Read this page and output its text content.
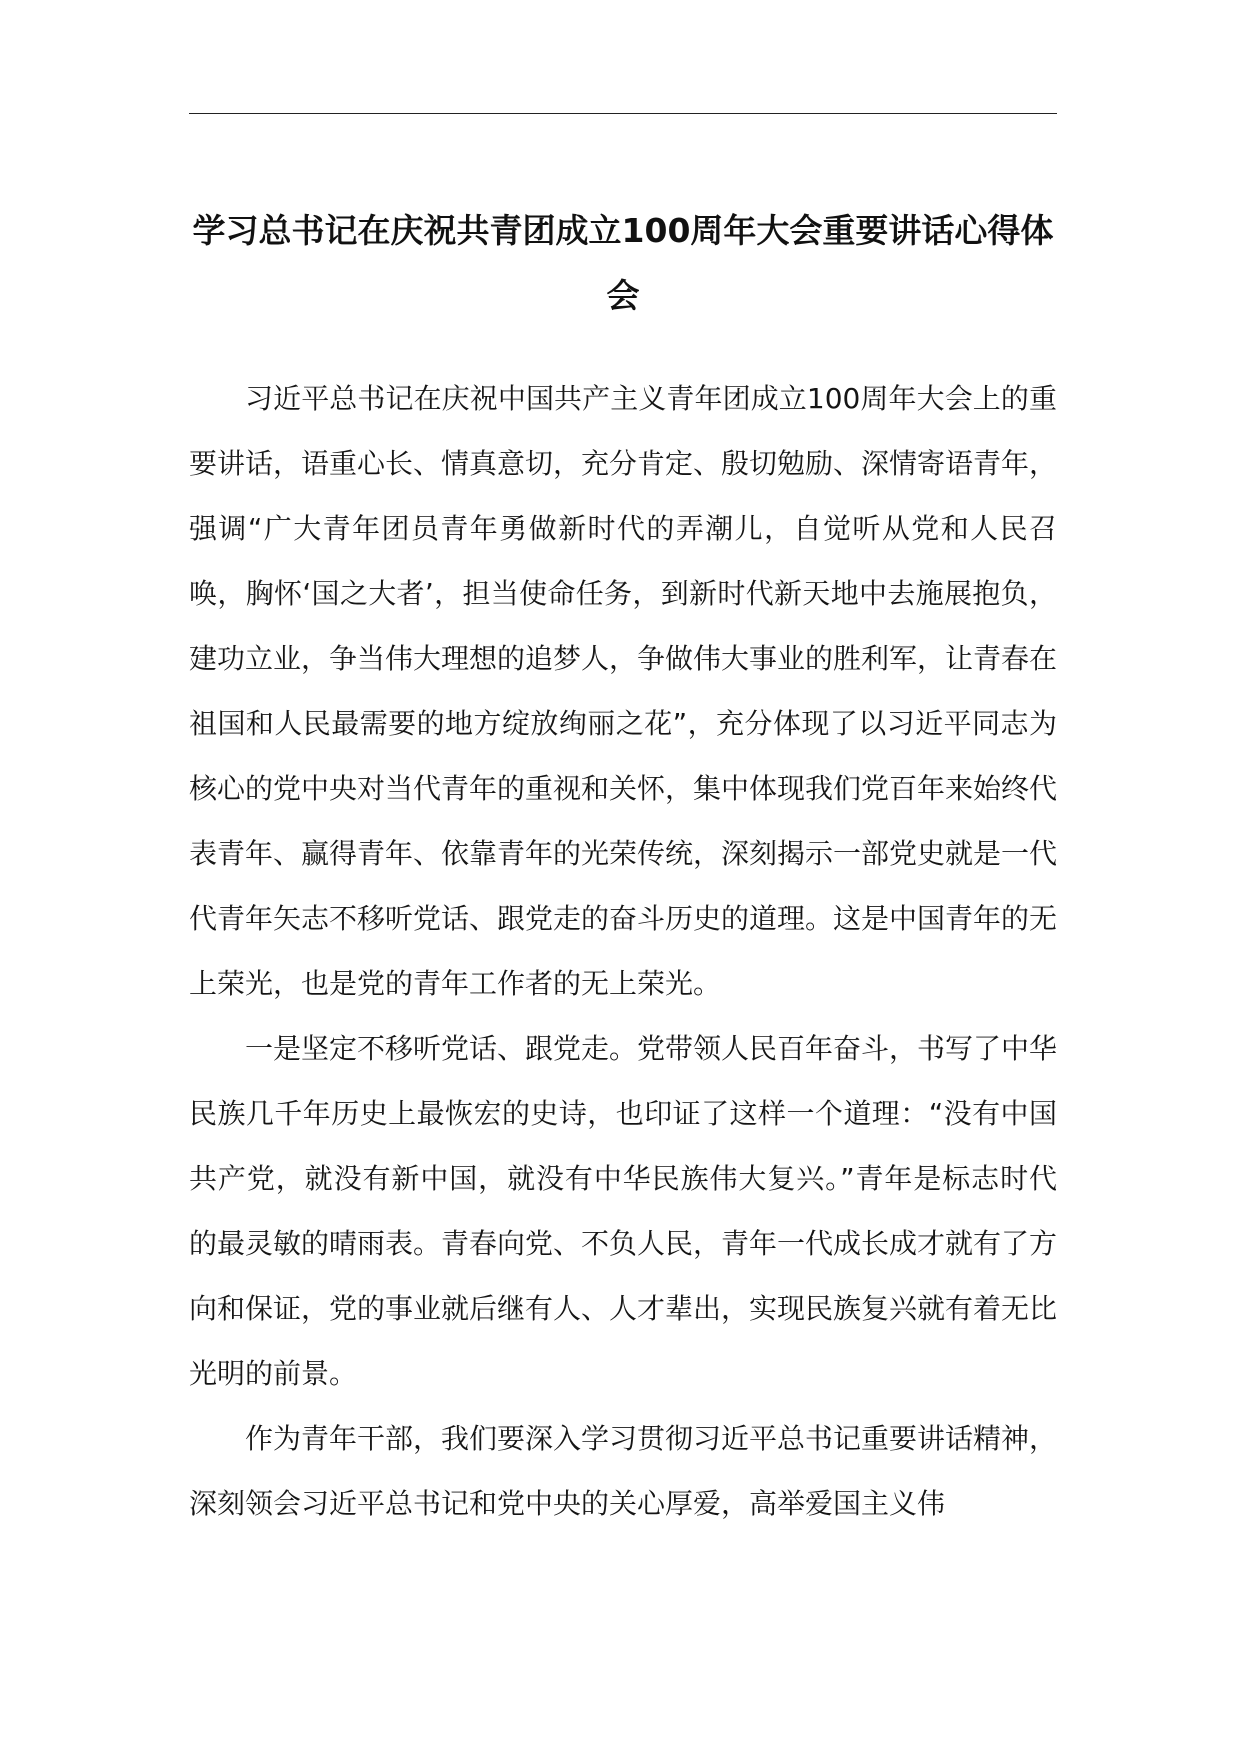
学习总书记在庆祝共青团成立100周年大会重要讲话心得体会

习近平总书记在庆祝中国共产主义青年团成立100周年大会上的重要讲话，语重心长、情真意切，充分肯定、殷切勉励、深情寄语青年，强调“广大青年团员青年勇做新时代的弄潮儿，自觉听从党和人民召唤，胸怀‘国之大者’，担当使命任务，到新时代新天地中去施展抱负，建功立业，争当伟大理想的追梦人，争做伟大事业的胜利军，让青春在祖国和人民最需要的地方绽放绚丽之花”，充分体现了以习近平同志为核心的党中央对当代青年的重视和关怀，集中体现我们党百年来始终代表青年、赢得青年、依靠青年的光荣传统，深刻揭示一部党史就是一代代青年矢志不移听党话、跟党走的奋斗历史的道理。这是中国青年的无上荣光，也是党的青年工作者的无上荣光。

一是坚定不移听党话、跟党走。党带领人民百年奋斗，书写了中华民族几千年历史上最恢宏的史诗，也印证了这样一个道理：“没有中国共产党，就没有新中国，就没有中华民族伟大复兴。”青年是标志时代的最灵敏的晴雨表。青春向党、不负人民，青年一代成长成才就有了方向和保证，党的事业就后继有人、人才辈出，实现民族复兴就有着无比光明的前景。

作为青年干部，我们要深入学习贯彻习近平总书记重要讲话精神，深刻领会习近平总书记和党中央的关心厚爱，高举爱国主义伟
